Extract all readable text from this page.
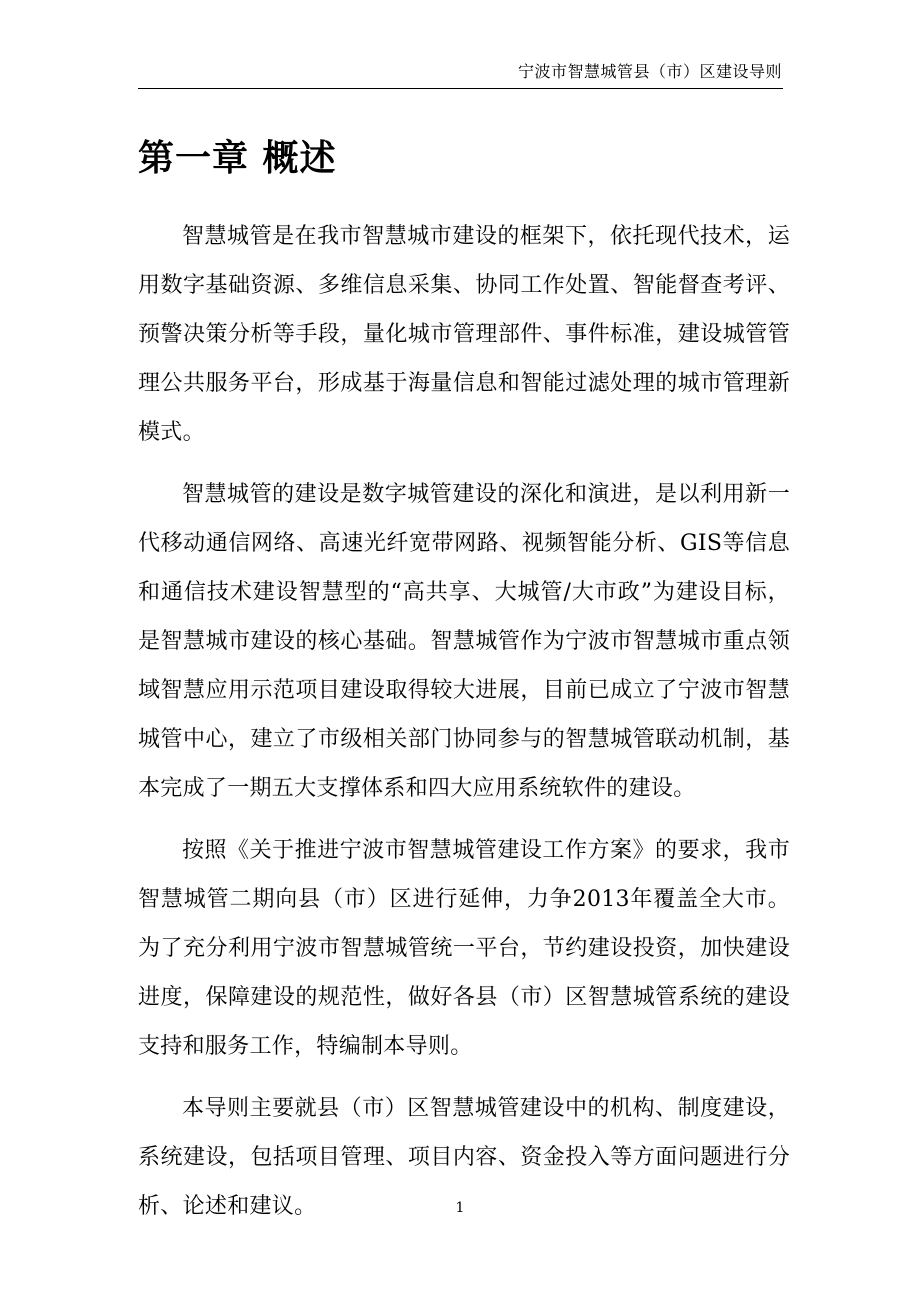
宁波市智慧城管县（市）区建设导则
第一章 概述

智慧城管是在我市智慧城市建设的框架下，依托现代技术，运用数字基础资源、多维信息采集、协同工作处置、智能督查考评、预警决策分析等手段，量化城市管理部件、事件标准，建设城管管理公共服务平台，形成基于海量信息和智能过滤处理的城市管理新模式。

智慧城管的建设是数字城管建设的深化和演进，是以利用新一代移动通信网络、高速光纤宽带网路、视频智能分析、GIS等信息和通信技术建设智慧型的“高共享、大城管/大市政”为建设目标，是智慧城市建设的核心基础。智慧城管作为宁波市智慧城市重点领域智慧应用示范项目建设取得较大进展，目前已成立了宁波市智慧城管中心，建立了市级相关部门协同参与的智慧城管联动机制，基本完成了一期五大支撑体系和四大应用系统软件的建设。

按照《关于推进宁波市智慧城管建设工作方案》的要求，我市智慧城管二期向县（市）区进行延伸，力争2013年覆盖全大市。为了充分利用宁波市智慧城管统一平台，节约建设投资，加快建设进度，保障建设的规范性，做好各县（市）区智慧城管系统的建设支持和服务工作，特编制本导则。

本导则主要就县（市）区智慧城管建设中的机构、制度建设，系统建设，包括项目管理、项目内容、资金投入等方面问题进行分析、论述和建议。	1
